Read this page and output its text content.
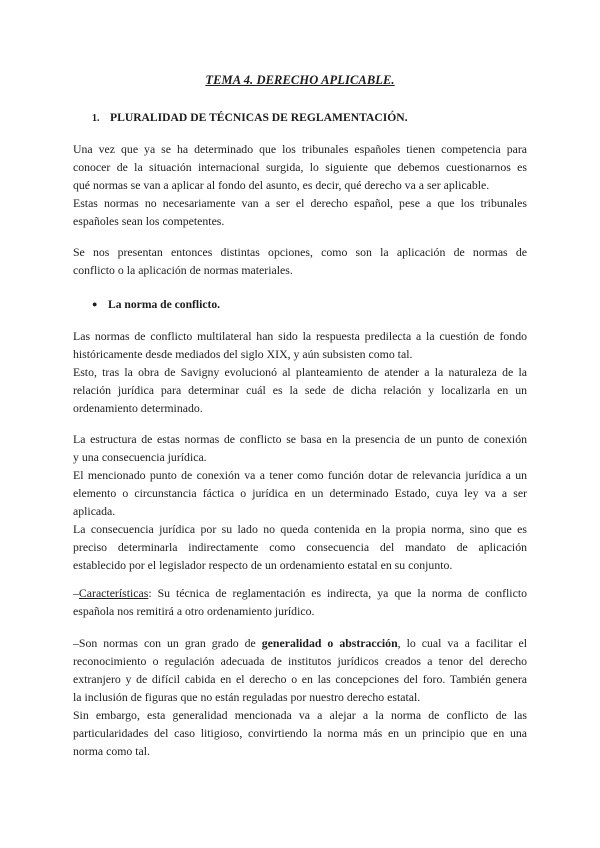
TEMA 4. DERECHO APLICABLE.
1. PLURALIDAD DE TÉCNICAS DE REGLAMENTACIÓN.
Una vez que ya se ha determinado que los tribunales españoles tienen competencia para
conocer de la situación internacional surgida, lo siguiente que debemos cuestionarnos es
qué normas se van a aplicar al fondo del asunto, es decir, qué derecho va a ser aplicable.
Estas normas no necesariamente van a ser el derecho español, pese a que los tribunales
españoles sean los competentes.
Se nos presentan entonces distintas opciones, como son la aplicación de normas de
conflicto o la aplicación de normas materiales.
● La norma de conflicto.
Las normas de conflicto multilateral han sido la respuesta predilecta a la cuestión de fondo
históricamente desde mediados del siglo XIX, y aún subsisten como tal.
Esto, tras la obra de Savigny evolucionó al planteamiento de atender a la naturaleza de la
relación jurídica para determinar cuál es la sede de dicha relación y localizarla en un
ordenamiento determinado.
La estructura de estas normas de conflicto se basa en la presencia de un punto de conexión
y una consecuencia jurídica.
El mencionado punto de conexión va a tener como función dotar de relevancia jurídica a un
elemento o circunstancia fáctica o jurídica en un determinado Estado, cuya ley va a ser
aplicada.
La consecuencia jurídica por su lado no queda contenida en la propia norma, sino que es
preciso determinarla indirectamente como consecuencia del mandato de aplicación
establecido por el legislador respecto de un ordenamiento estatal en su conjunto.
–Características: Su técnica de reglamentación es indirecta, ya que la norma de conflicto
española nos remitirá a otro ordenamiento jurídico.
–Son normas con un gran grado de generalidad o abstracción, lo cual va a facilitar el
reconocimiento o regulación adecuada de institutos jurídicos creados a tenor del derecho
extranjero y de difícil cabida en el derecho o en las concepciones del foro. También genera
la inclusión de figuras que no están reguladas por nuestro derecho estatal.
Sin embargo, esta generalidad mencionada va a alejar a la norma de conflicto de las
particularidades del caso litigioso, convirtiendo la norma más en un principio que en una
norma como tal.
